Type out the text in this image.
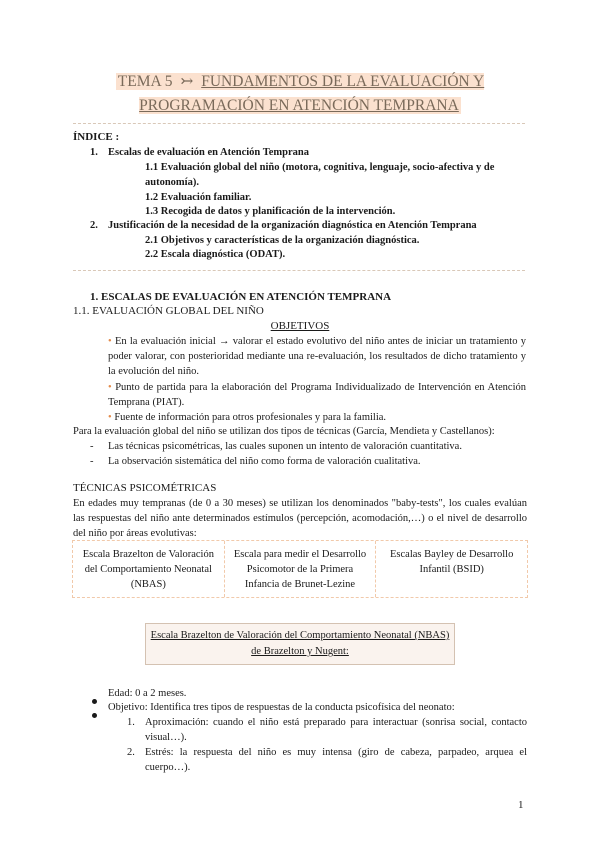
TEMA 5 ↣ FUNDAMENTOS DE LA EVALUACIÓN Y PROGRAMACIÓN EN ATENCIÓN TEMPRANA
ÍNDICE :
1. Escalas de evaluación en Atención Temprana
1.1 Evaluación global del niño (motora, cognitiva, lenguaje, socio-afectiva y de autonomía).
1.2 Evaluación familiar.
1.3 Recogida de datos y planificación de la intervención.
2. Justificación de la necesidad de la organización diagnóstica en Atención Temprana
2.1 Objetivos y características de la organización diagnóstica.
2.2 Escala diagnóstica (ODAT).
1. ESCALAS DE EVALUACIÓN EN ATENCIÓN TEMPRANA
1.1. EVALUACIÓN GLOBAL DEL NIÑO
OBJETIVOS
• En la evaluación inicial → valorar el estado evolutivo del niño antes de iniciar un tratamiento y poder valorar, con posterioridad mediante una re-evaluación, los resultados de dicho tratamiento y la evolución del niño.
• Punto de partida para la elaboración del Programa Individualizado de Intervención en Atención Temprana (PIAT).
• Fuente de información para otros profesionales y para la familia.
Para la evaluación global del niño se utilizan dos tipos de técnicas (García, Mendieta y Castellanos):
- Las técnicas psicométricas, las cuales suponen un intento de valoración cuantitativa.
- La observación sistemática del niño como forma de valoración cualitativa.
TÉCNICAS PSICOMÉTRICAS
En edades muy tempranas (de 0 a 30 meses) se utilizan los denominados "baby-tests", los cuales evalúan las respuestas del niño ante determinados estímulos (percepción, acomodación,…) o el nivel de desarrollo del niño por áreas evolutivas:
Escala Brazelton de Valoración del Comportamiento Neonatal (NBAS)
Escala para medir el Desarrollo Psicomotor de la Primera Infancia de Brunet-Lezine
Escalas Bayley de Desarrollo Infantil (BSID)
Escala Brazelton de Valoración del Comportamiento Neonatal (NBAS) de Brazelton y Nugent:
Edad: 0 a 2 meses.
Objetivo: Identifica tres tipos de respuestas de la conducta psicofísica del neonato:
1. Aproximación: cuando el niño está preparado para interactuar (sonrisa social, contacto visual…).
2. Estrés: la respuesta del niño es muy intensa (giro de cabeza, parpadeo, arquea el cuerpo…).
1
